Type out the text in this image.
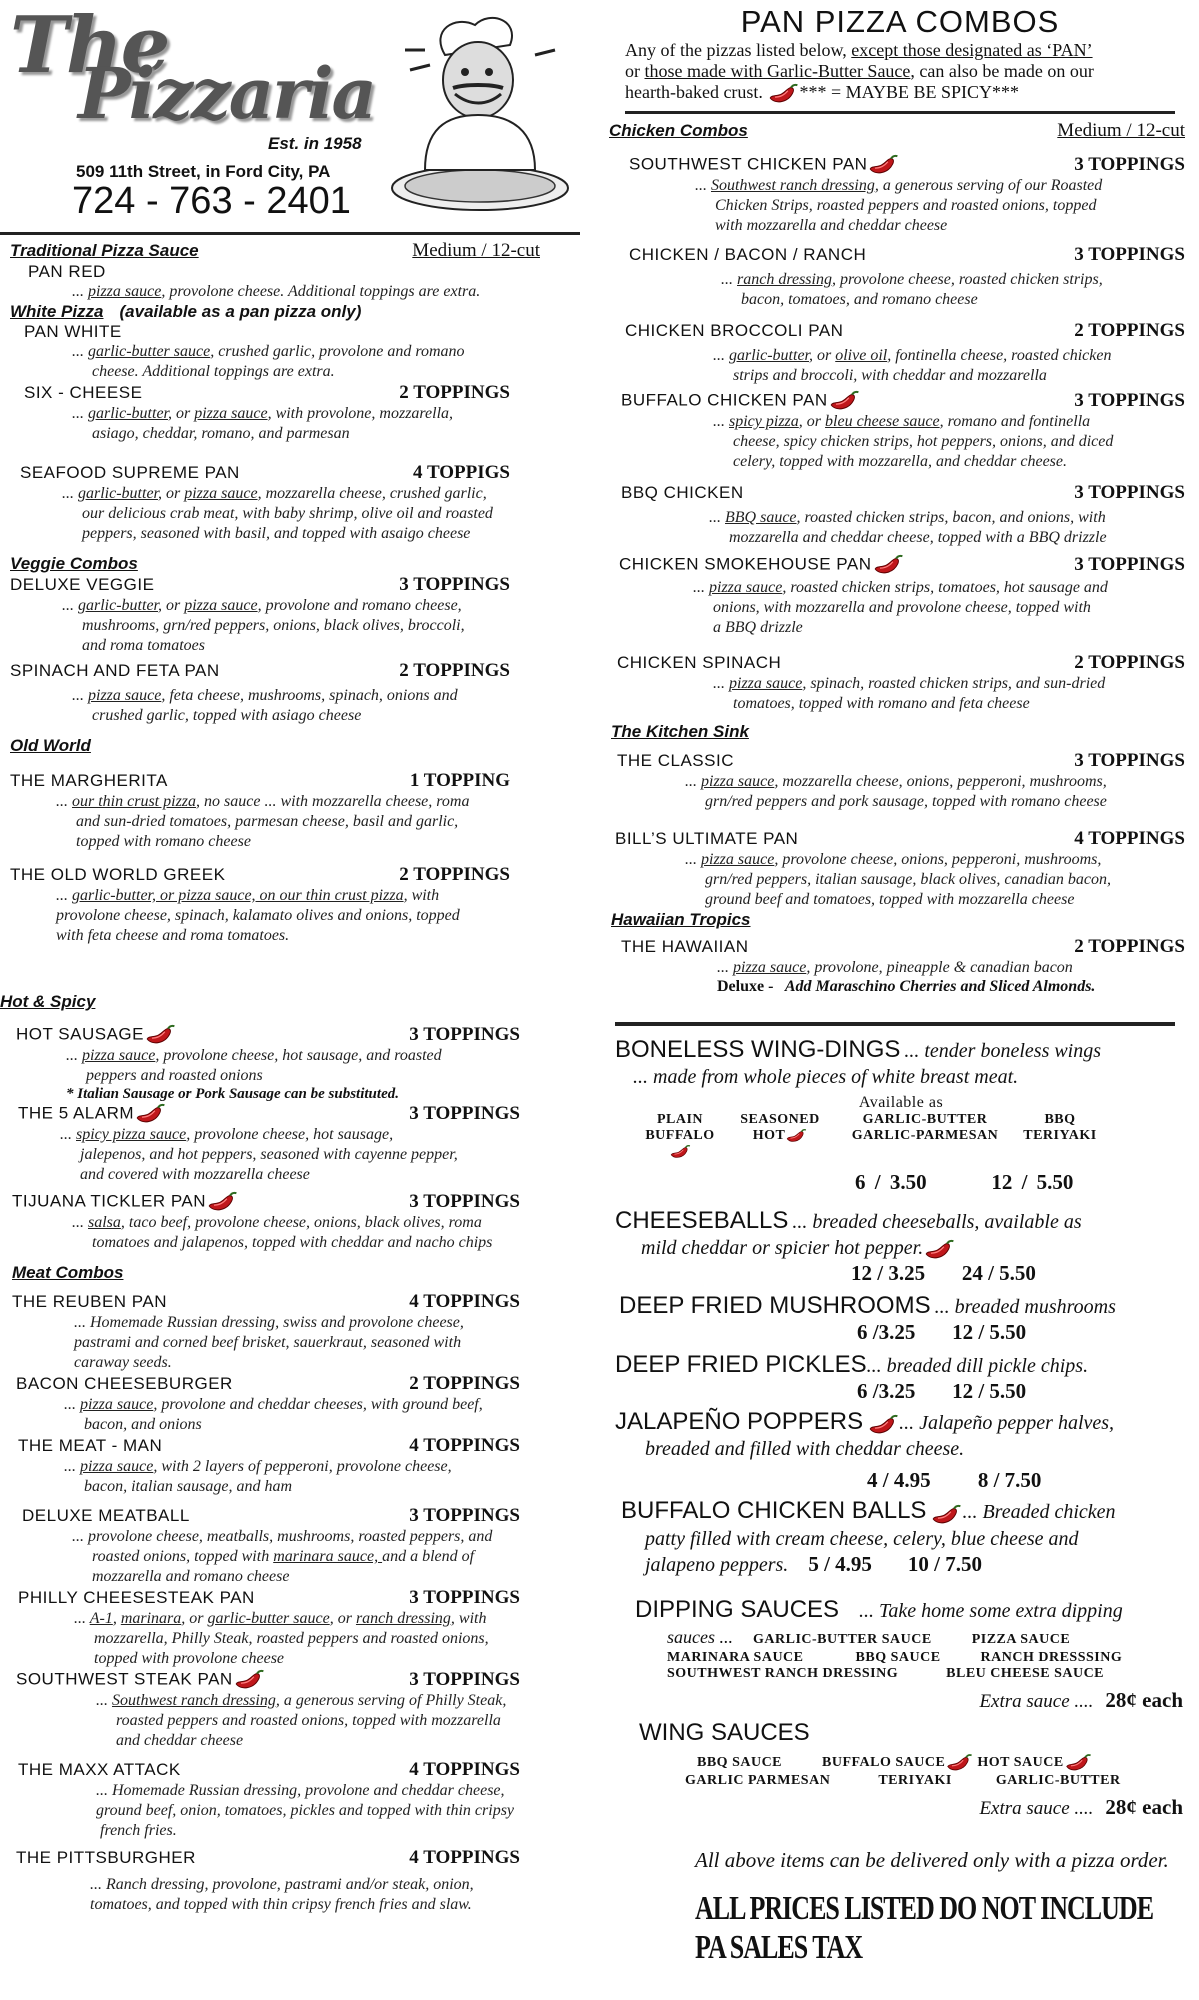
The
Pizzaria
Est. in 1958
509 11th Street, in Ford City, PA
724 - 763 - 2401
Traditional Pizza Sauce	Medium / 12-cut
PAN RED
... pizza sauce, provolone cheese. Additional toppings are extra.
White Pizza (available as a pan pizza only)
PAN WHITE
... garlic-butter sauce, crushed garlic, provolone and romano
cheese. Additional toppings are extra.
SIX - CHEESE	2 TOPPINGS
... garlic-butter, or pizza sauce, with provolone, mozzarella,
asiago, cheddar, romano, and parmesan
SEAFOOD SUPREME PAN	4 TOPPIGS
... garlic-butter, or pizza sauce, mozzarella cheese, crushed garlic,
our delicious crab meat, with baby shrimp, olive oil and roasted
peppers, seasoned with basil, and topped with asaigo cheese
Veggie Combos
DELUXE VEGGIE	3 TOPPINGS
... garlic-butter, or pizza sauce, provolone and romano cheese,
mushrooms, grn/red peppers, onions, black olives, broccoli,
and roma tomatoes
SPINACH AND FETA PAN	2 TOPPINGS
... pizza sauce, feta cheese, mushrooms, spinach, onions and
crushed garlic, topped with asiago cheese
Old World
THE MARGHERITA	1 TOPPING
... our thin crust pizza, no sauce ... with mozzarella cheese, roma
and sun-dried tomatoes, parmesan cheese, basil and garlic,
topped with romano cheese
THE OLD WORLD GREEK	2 TOPPINGS
... garlic-butter, or pizza sauce, on our thin crust pizza, with
provolone cheese, spinach, kalamato olives and onions, topped
with feta cheese and roma tomatoes.
Hot & Spicy
HOT SAUSAGE	3 TOPPINGS
... pizza sauce, provolone cheese, hot sausage, and roasted
peppers and roasted onions
* Italian Sausage or Pork Sausage can be substituted.
THE 5 ALARM	3 TOPPINGS
... spicy pizza sauce, provolone cheese, hot sausage,
jalepenos, and hot peppers, seasoned with cayenne pepper,
and covered with mozzarella cheese
TIJUANA TICKLER PAN	3 TOPPINGS
... salsa, taco beef, provolone cheese, onions, black olives, roma
tomatoes and jalapenos, topped with cheddar and nacho chips
Meat Combos
THE REUBEN PAN	4 TOPPINGS
... Homemade Russian dressing, swiss and provolone cheese,
pastrami and corned beef brisket, sauerkraut, seasoned with
caraway seeds.
BACON CHEESEBURGER	2 TOPPINGS
... pizza sauce, provolone and cheddar cheeses, with ground beef,
bacon, and onions
THE MEAT - MAN	4 TOPPINGS
... pizza sauce, with 2 layers of pepperoni, provolone cheese,
bacon, italian sausage, and ham
DELUXE MEATBALL	3 TOPPINGS
... provolone cheese, meatballs, mushrooms, roasted peppers, and
roasted onions, topped with marinara sauce, and a blend of
mozzarella and romano cheese
PHILLY CHEESESTEAK PAN	3 TOPPINGS
... A-1, marinara, or garlic-butter sauce, or ranch dressing, with
mozzarella, Philly Steak, roasted peppers and roasted onions,
topped with provolone cheese
SOUTHWEST STEAK PAN	3 TOPPINGS
... Southwest ranch dressing, a generous serving of Philly Steak,
roasted peppers and roasted onions, topped with mozzarella
and cheddar cheese
THE MAXX ATTACK	4 TOPPINGS
... Homemade Russian dressing, provolone and cheddar cheese,
ground beef, onion, tomatoes, pickles and topped with thin cripsy
french fries.
THE PITTSBURGHER	4 TOPPINGS
... Ranch dressing, provolone, pastrami and/or steak, onion,
tomatoes, and topped with thin cripsy french fries and slaw.
PAN PIZZA COMBOS
Any of the pizzas listed below, except those designated as ‘PAN’
or those made with Garlic-Butter Sauce, can also be made on our
hearth-baked crust. *** = MAYBE BE SPICY***
Chicken Combos	Medium / 12-cut
SOUTHWEST CHICKEN PAN	3 TOPPINGS
... Southwest ranch dressing, a generous serving of our Roasted
Chicken Strips, roasted peppers and roasted onions, topped
with mozzarella and cheddar cheese
CHICKEN / BACON / RANCH	3 TOPPINGS
... ranch dressing, provolone cheese, roasted chicken strips,
bacon, tomatoes, and romano cheese
CHICKEN BROCCOLI PAN	2 TOPPINGS
... garlic-butter, or olive oil, fontinella cheese, roasted chicken
strips and broccoli, with cheddar and mozzarella
BUFFALO CHICKEN PAN	3 TOPPINGS
... spicy pizza, or bleu cheese sauce, romano and fontinella
cheese, spicy chicken strips, hot peppers, onions, and diced
celery, topped with mozzarella, and cheddar cheese.
BBQ CHICKEN	3 TOPPINGS
... BBQ sauce, roasted chicken strips, bacon, and onions, with
mozzarella and cheddar cheese, topped with a BBQ drizzle
CHICKEN SMOKEHOUSE PAN	3 TOPPINGS
... pizza sauce, roasted chicken strips, tomatoes, hot sausage and
onions, with mozzarella and provolone cheese, topped with
a BBQ drizzle
CHICKEN SPINACH	2 TOPPINGS
... pizza sauce, spinach, roasted chicken strips, and sun-dried
tomatoes, topped with romano and feta cheese
The Kitchen Sink
THE CLASSIC	3 TOPPINGS
... pizza sauce, mozzarella cheese, onions, pepperoni, mushrooms,
grn/red peppers and pork sausage, topped with romano cheese
BILL’S ULTIMATE PAN	4 TOPPINGS
... pizza sauce, provolone cheese, onions, pepperoni, mushrooms,
grn/red peppers, italian sausage, black olives, canadian bacon,
ground beef and tomatoes, topped with mozzarella cheese
Hawaiian Tropics
THE HAWAIIAN	2 TOPPINGS
... pizza sauce, provolone, pineapple & canadian bacon
Deluxe - Add Maraschino Cherries and Sliced Almonds.
BONELESS WING-DINGS ... tender boneless wings
... made from whole pieces of white breast meat.
Available as
PLAIN	SEASONED	GARLIC-BUTTER	BBQ
BUFFALO	HOT	GARLIC-PARMESAN	TERIYAKI
6 / 3.50	12 / 5.50
CHEESEBALLS ... breaded cheeseballs, available as
mild cheddar or spicier hot pepper.
12 / 3.25 24 / 5.50
DEEP FRIED MUSHROOMS ... breaded mushrooms
6 /3.25 12 / 5.50
DEEP FRIED PICKLES... breaded dill pickle chips.
6 /3.25 12 / 5.50
JALAPEÑO POPPERS ... Jalapeño pepper halves,
breaded and filled with cheddar cheese.
4 / 4.95 8 / 7.50
BUFFALO CHICKEN BALLS ... Breaded chicken
patty filled with cream cheese, celery, blue cheese and
jalapeno peppers. 5 / 4.95 10 / 7.50
DIPPING SAUCES ... Take home some extra dipping
sauces ... GARLIC-BUTTER SAUCE	PIZZA SAUCE
MARINARA SAUCE	BBQ SAUCE	RANCH DRESSSING
SOUTHWEST RANCH DRESSING	BLEU CHEESE SAUCE
Extra sauce .... 28¢ each
WING SAUCES
BBQ SAUCE	BUFFALO SAUCE HOT SAUCE
GARLIC PARMESAN	TERIYAKI	GARLIC-BUTTER
Extra sauce .... 28¢ each
All above items can be delivered only with a pizza order.
ALL PRICES LISTED DO NOT INCLUDE PA SALES TAX
